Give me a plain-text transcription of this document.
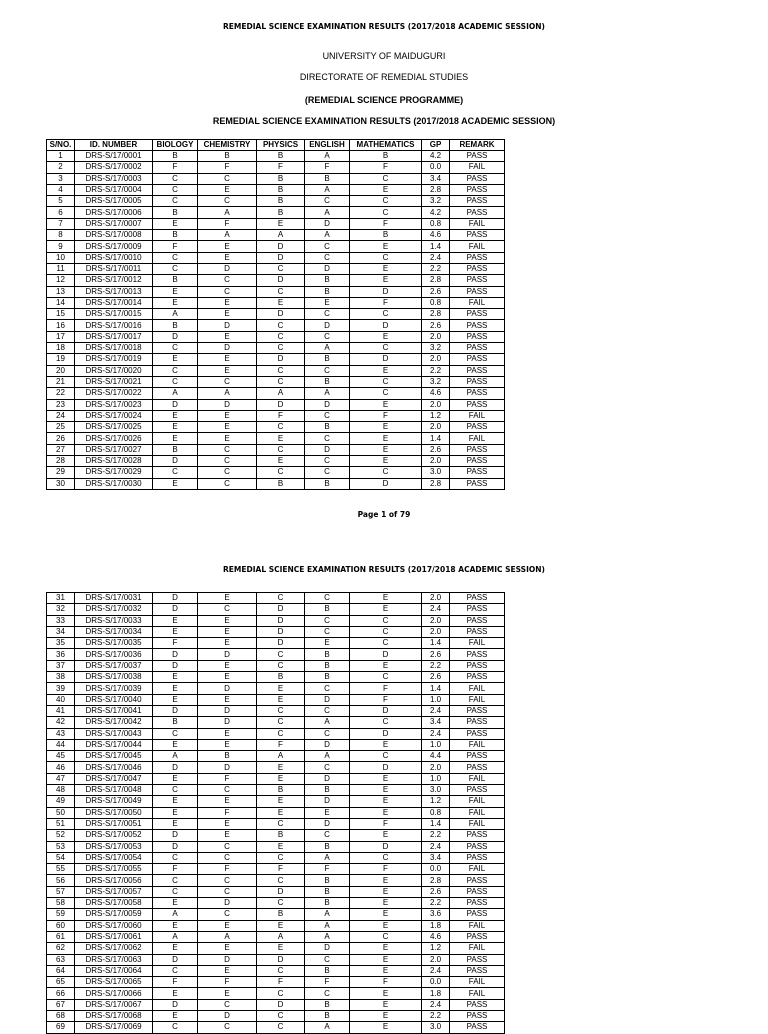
REMEDIAL SCIENCE EXAMINATION RESULTS (2017/2018 ACADEMIC SESSION)
UNIVERSITY OF MAIDUGURI
DIRECTORATE OF REMEDIAL STUDIES
(REMEDIAL SCIENCE PROGRAMME)
REMEDIAL SCIENCE EXAMINATION RESULTS (2017/2018 ACADEMIC SESSION)
S/NO.	ID. NUMBER	BIOLOGY	CHEMISTRY	PHYSICS	ENGLISH	MATHEMATICS	GP	REMARK
1	DRS-S/17/0001	B	B	B	A	B	4.2	PASS
2	DRS-S/17/0002	F	F	F	F	F	0.0	FAIL
3	DRS-S/17/0003	C	C	B	B	C	3.4	PASS
4	DRS-S/17/0004	C	E	B	A	E	2.8	PASS
5	DRS-S/17/0005	C	C	B	C	C	3.2	PASS
6	DRS-S/17/0006	B	A	B	A	C	4.2	PASS
7	DRS-S/17/0007	E	F	E	D	F	0.8	FAIL
8	DRS-S/17/0008	B	A	A	A	B	4.6	PASS
9	DRS-S/17/0009	F	E	D	C	E	1.4	FAIL
10	DRS-S/17/0010	C	E	D	C	C	2.4	PASS
11	DRS-S/17/0011	C	D	C	D	E	2.2	PASS
12	DRS-S/17/0012	B	C	D	B	E	2.8	PASS
13	DRS-S/17/0013	E	C	C	B	D	2.6	PASS
14	DRS-S/17/0014	E	E	E	E	F	0.8	FAIL
15	DRS-S/17/0015	A	E	D	C	C	2.8	PASS
16	DRS-S/17/0016	B	D	C	D	D	2.6	PASS
17	DRS-S/17/0017	D	E	C	C	E	2.0	PASS
18	DRS-S/17/0018	C	D	C	A	C	3.2	PASS
19	DRS-S/17/0019	E	E	D	B	D	2.0	PASS
20	DRS-S/17/0020	C	E	C	C	E	2.2	PASS
21	DRS-S/17/0021	C	C	C	B	C	3.2	PASS
22	DRS-S/17/0022	A	A	A	A	C	4.6	PASS
23	DRS-S/17/0023	D	D	D	D	E	2.0	PASS
24	DRS-S/17/0024	E	E	F	C	F	1.2	FAIL
25	DRS-S/17/0025	E	E	C	B	E	2.0	PASS
26	DRS-S/17/0026	E	E	E	C	E	1.4	FAIL
27	DRS-S/17/0027	B	C	C	D	E	2.6	PASS
28	DRS-S/17/0028	D	C	E	C	E	2.0	PASS
29	DRS-S/17/0029	C	C	C	C	C	3.0	PASS
30	DRS-S/17/0030	E	C	B	B	D	2.8	PASS
Page 1 of 79
REMEDIAL SCIENCE EXAMINATION RESULTS (2017/2018 ACADEMIC SESSION)
31	DRS-S/17/0031	D	E	C	C	E	2.0	PASS
32	DRS-S/17/0032	D	C	D	B	E	2.4	PASS
33	DRS-S/17/0033	E	E	D	C	C	2.0	PASS
34	DRS-S/17/0034	E	E	D	C	C	2.0	PASS
35	DRS-S/17/0035	F	E	D	E	C	1.4	FAIL
36	DRS-S/17/0036	D	D	C	B	D	2.6	PASS
37	DRS-S/17/0037	D	E	C	B	E	2.2	PASS
38	DRS-S/17/0038	E	E	B	B	C	2.6	PASS
39	DRS-S/17/0039	E	D	E	C	F	1.4	FAIL
40	DRS-S/17/0040	E	E	E	D	F	1.0	FAIL
41	DRS-S/17/0041	D	D	C	C	D	2.4	PASS
42	DRS-S/17/0042	B	D	C	A	C	3.4	PASS
43	DRS-S/17/0043	C	E	C	C	D	2.4	PASS
44	DRS-S/17/0044	E	E	F	D	E	1.0	FAIL
45	DRS-S/17/0045	A	B	A	A	C	4.4	PASS
46	DRS-S/17/0046	D	D	E	C	D	2.0	PASS
47	DRS-S/17/0047	E	F	E	D	E	1.0	FAIL
48	DRS-S/17/0048	C	C	B	B	E	3.0	PASS
49	DRS-S/17/0049	E	E	E	D	E	1.2	FAIL
50	DRS-S/17/0050	E	F	E	E	E	0.8	FAIL
51	DRS-S/17/0051	E	E	C	D	F	1.4	FAIL
52	DRS-S/17/0052	D	E	B	C	E	2.2	PASS
53	DRS-S/17/0053	D	C	E	B	D	2.4	PASS
54	DRS-S/17/0054	C	C	C	A	C	3.4	PASS
55	DRS-S/17/0055	F	F	F	F	F	0.0	FAIL
56	DRS-S/17/0056	C	C	C	B	E	2.8	PASS
57	DRS-S/17/0057	C	C	D	B	E	2.6	PASS
58	DRS-S/17/0058	E	D	C	B	E	2.2	PASS
59	DRS-S/17/0059	A	C	B	A	E	3.6	PASS
60	DRS-S/17/0060	E	E	E	A	E	1.8	FAIL
61	DRS-S/17/0061	A	A	A	A	C	4.6	PASS
62	DRS-S/17/0062	E	E	E	D	E	1.2	FAIL
63	DRS-S/17/0063	D	D	D	C	E	2.0	PASS
64	DRS-S/17/0064	C	E	C	B	E	2.4	PASS
65	DRS-S/17/0065	F	F	F	F	F	0.0	FAIL
66	DRS-S/17/0066	E	E	C	C	E	1.8	FAIL
67	DRS-S/17/0067	D	C	D	B	E	2.4	PASS
68	DRS-S/17/0068	E	D	C	B	E	2.2	PASS
69	DRS-S/17/0069	C	C	C	A	E	3.0	PASS
